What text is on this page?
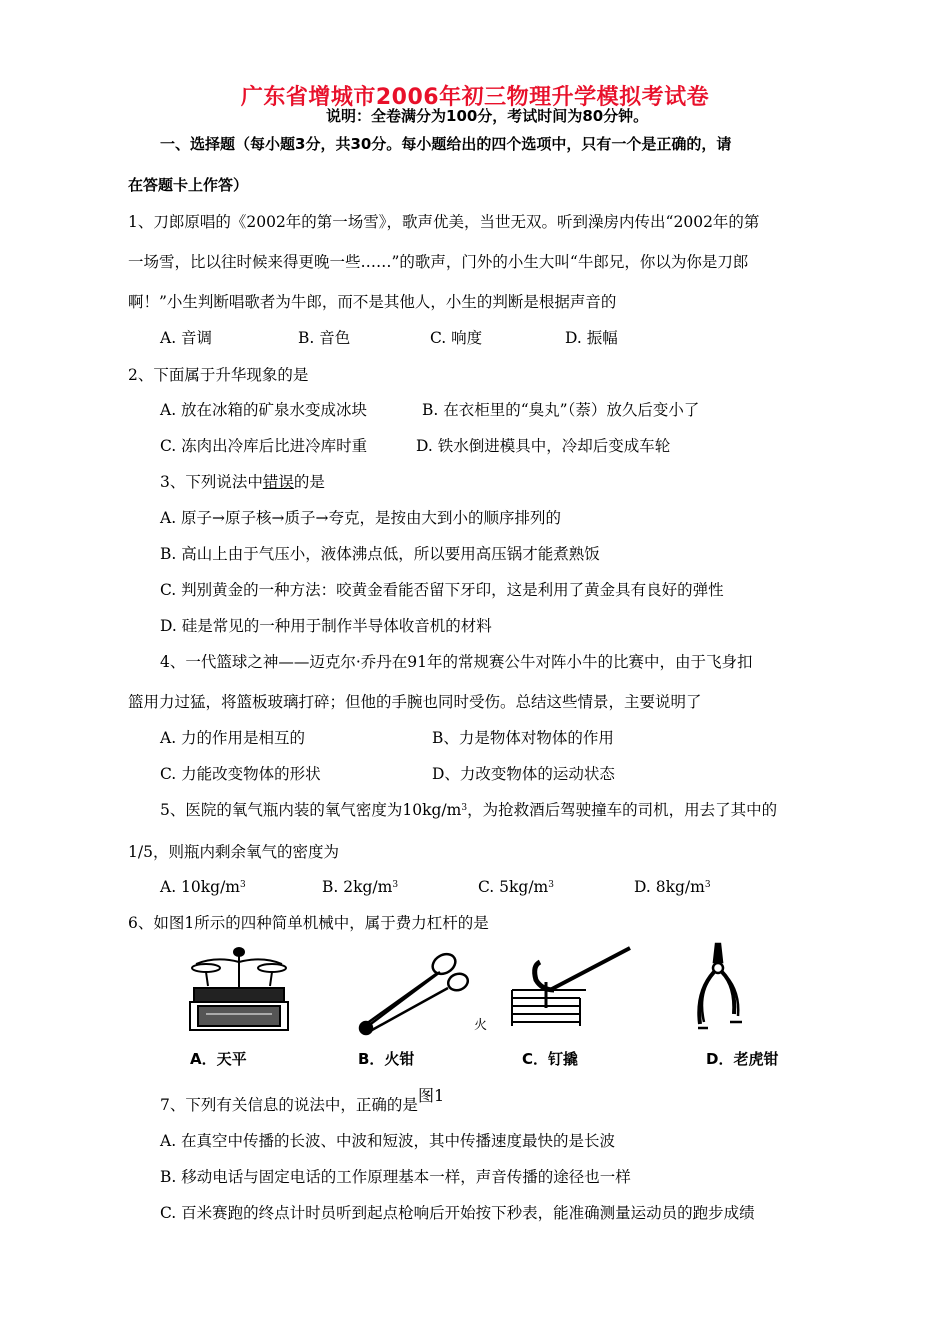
广东省增城市2006年初三物理升学模拟考试卷
说明：全卷满分为100分，考试时间为80分钟。
一、选择题（每小题3分，共30分。每小题给出的四个选项中，只有一个是正确的，请
在答题卡上作答）
1、刀郎原唱的《2002年的第一场雪》，歌声优美，当世无双。听到澡房内传出“2002年的第
一场雪，比以往时候来得更晚一些……”的歌声，门外的小生大叫“牛郎兄，你以为你是刀郎
啊！”小生判断唱歌者为牛郎，而不是其他人，小生的判断是根据声音的
A. 音调	B. 音色	C. 响度	D. 振幅
2、下面属于升华现象的是
A. 放在冰箱的矿泉水变成冰块	B. 在衣柜里的“臭丸”（萘）放久后变小了
C. 冻肉出冷库后比进冷库时重	D. 铁水倒进模具中，冷却后变成车轮
3、下列说法中错误的是
A. 原子→原子核→质子→夸克，是按由大到小的顺序排列的
B. 高山上由于气压小，液体沸点低，所以要用高压锅才能煮熟饭
C. 判别黄金的一种方法：咬黄金看能否留下牙印，这是利用了黄金具有良好的弹性
D. 硅是常见的一种用于制作半导体收音机的材料
4、一代篮球之神——迈克尔·乔丹在91年的常规赛公牛对阵小牛的比赛中，由于飞身扣
篮用力过猛，将篮板玻璃打碎；但他的手腕也同时受伤。总结这些情景，主要说明了
A. 力的作用是相互的	B、力是物体对物体的作用
C. 力能改变物体的形状	D、力改变物体的运动状态
5、医院的氧气瓶内装的氧气密度为$10kg/m^3$，为抢救酒后驾驶撞车的司机，用去了其中的
1/5，则瓶内剩余氧气的密度为
A. $10kg/m^3$	B. $2kg/m^3$	C. $5kg/m^3$	D. $8kg/m^3$
6、如图1所示的四种简单机械中，属于费力杠杆的是
火
A．天平	B．火钳	C．钉撬	D．老虎钳
7、下列有关信息的说法中，正确的是 图1
A. 在真空中传播的长波、中波和短波，其中传播速度最快的是长波
B. 移动电话与固定电话的工作原理基本一样，声音传播的途径也一样
C. 百米赛跑的终点计时员听到起点枪响后开始按下秒表，能准确测量运动员的跑步成绩
